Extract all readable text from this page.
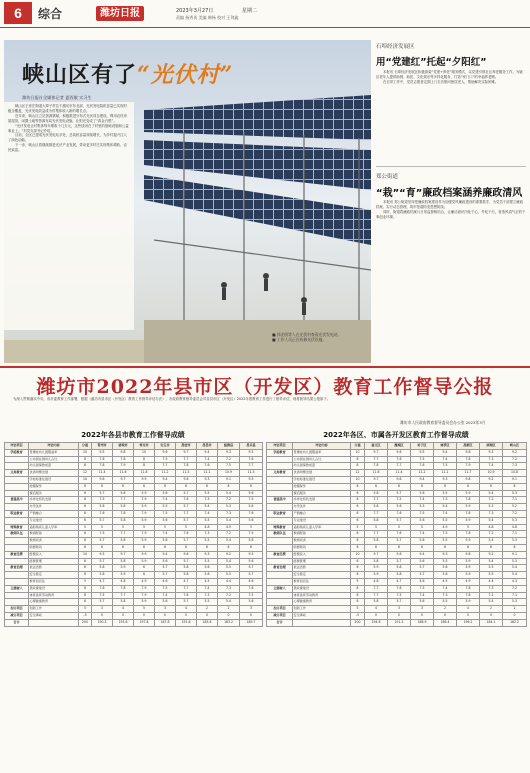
6	综合	潍坊日报	2023年3月27日	星期二
责编 杨秀英 美编 韩杨 校对 王剑鑫
峡山区有了“光伏村”
潍坊日报社全媒体记者 夏西敏 实习生

峡山区王家庄街道大埠子村位于潍坊市东北部，光伏发电装机容量已实现村级全覆盖，光伏发电收益成为村集体收入新的增长点。

近年来，峡山区立足资源禀赋，积极推进分布式光伏项目建设，利用农村房屋屋顶、闲置土地等资源布局光伏发电设施，让阳光变成了“真金白银”。

“光伏发电让村集体每年增收十几万元，这些钱用在了村里的基础设施和公益事业上。”村党支部书记介绍。

目前，全区已建成光伏发电站多处，总装机容量持续增长，为乡村振兴注入了绿色动能。

下一步，峡山区将继续推进光伏产业发展，带动更多村庄实现集体增收、农民致富。

■ 郭光明等人在光伏村查看光伏发电站。
■ 工作人员正在检修光伏设施。
石埠经济发展区
用“党建红”托起“夕阳红”

本报讯 石埠经济发展区积极探索“党建+养老”服务模式，以党建引领社区养老服务工作，为辖区老年人提供助餐、助医、文化娱乐等多样化服务，打造“家门口”的幸福养老圈。

在日常工作中，党员志愿者定期上门走访慰问独居老人，帮助解决实际困难。

郑公街道
“栽”“育”廉政档案涵养廉政清风

本报讯 郑公街道坚持把廉政档案建设作为加强党风廉政建设的重要抓手，为党员干部建立廉政档案，实行动态管理，筑牢拒腐防变思想防线。

同时，街道将廉政档案与日常监督相结合，让廉洁意识内化于心、外化于行，营造风清气正的干事创业环境。

潍坊市2022年县市区（开发区）教育工作督导公报
为深入贯彻落实中央、省市委教育工作部署，根据《潍坊市县市区（开发区）教育工作督导评估办法》，市政府教育督导委员会对各县市区（开发区）2022年度教育工作进行了督导评估，现将督导结果公报如下。
潍坊市人民政府教育督导委员会办公室 2023年3月
2022年各县市教育工作督导成绩	2022年各区、市属各开发区教育工作督导成绩
评估项目	评估内容	分值	青州市	诸城市	寿光市	安丘市	高密市	昌邑市	临朐县	昌乐县
学前教育	普惠性幼儿园覆盖率	10	9.5	9.8	10	9.6	9.7	9.4	9.3	9.5
	公办园在园幼儿占比	8	7.6	7.8	8	7.5	7.7	7.4	7.2	7.6
	幼儿园保教质量	8	7.8	7.9	8	7.7	7.8	7.6	7.5	7.7
义务教育	优质均衡发展	12	11.4	11.6	11.8	11.2	11.5	11.1	10.9	11.3
	学校标准化建设	10	9.6	9.7	9.9	9.4	9.6	9.3	9.1	9.5
	控辍保学	6	6	6	6	6	6	6	6	6
	课后服务	6	5.7	5.8	5.9	5.6	5.7	5.5	5.4	5.6
普通高中	多样化特色发展	8	7.5	7.7	7.9	7.4	7.6	7.3	7.2	7.5
	办学条件	6	5.6	5.8	5.9	5.5	5.7	5.4	5.3	5.6
职业教育	产教融合	8	7.6	7.8	7.9	7.5	7.7	7.4	7.3	7.6
	专业建设	6	5.7	5.8	5.9	5.6	5.7	5.5	5.4	5.6
特殊教育	适龄残疾儿童入学率	5	5	5	5	5	5	4.8	4.9	5
教师队伍	教师配备	8	7.5	7.7	7.9	7.4	7.6	7.3	7.2	7.5
	教师培训	6	5.7	5.8	5.9	5.6	5.7	5.5	5.4	5.6
	师德师风	6	6	6	6	6	6	6	6	6
教育经费	经费投入	10	9.5	9.7	9.9	9.4	9.6	9.3	9.2	9.5
	经费管理	6	5.7	5.8	5.9	5.6	5.7	5.5	5.4	5.6
教育治理	依法治教	6	5.8	5.9	6	5.7	5.8	5.6	5.5	5.7
	安全稳定	6	5.8	5.9	6	5.7	5.8	5.6	5.5	5.7
	教育信息化	5	4.7	4.8	4.9	4.6	4.7	4.5	4.4	4.6
立德树人	思政课建设	8	7.6	7.8	7.9	7.5	7.7	7.4	7.3	7.6
	体育美育劳动教育	8	7.5	7.7	7.9	7.4	7.6	7.3	7.2	7.5
	心理健康教育	6	5.7	5.8	5.9	5.6	5.7	5.5	5.4	5.6
加分项目	创新工作	5	3	4	5	3	4	2	2	3
减分项目	安全事故	-5	0	0	0	0	0	0	0	0
合计		200	190.3	193.6	197.8	187.8	191.6	185.6	183.2	189.7
评估项目	评估内容	分值	奎文区	潍城区	坊子区	寒亭区	高新区	滨海区	峡山区
学前教育	普惠性幼儿园覆盖率	10	9.7	9.6	9.5	9.4	9.8	9.3	9.2
	公办园在园幼儿占比	8	7.7	7.6	7.5	7.4	7.8	7.3	7.2
	幼儿园保教质量	8	7.8	7.7	7.6	7.5	7.9	7.4	7.3
义务教育	优质均衡发展	12	11.6	11.4	11.2	11.1	11.7	10.9	10.8
	学校标准化建设	10	9.7	9.6	9.4	9.3	9.8	9.2	9.1
	控辍保学	6	6	6	6	6	6	6	6
	课后服务	6	5.8	5.7	5.6	5.5	5.9	5.4	5.3
普通高中	多样化特色发展	8	7.7	7.5	7.4	7.3	7.8	7.2	7.1
	办学条件	6	5.8	5.6	5.5	5.4	5.9	5.3	5.2
职业教育	产教融合	8	7.7	7.6	7.5	7.4	7.8	7.3	7.2
	专业建设	6	5.8	5.7	5.6	5.5	5.9	5.4	5.3
特殊教育	适龄残疾儿童入学率	5	5	5	5	4.9	5	4.8	4.8
教师队伍	教师配备	8	7.7	7.6	7.4	7.3	7.8	7.2	7.1
	教师培训	6	5.8	5.7	5.6	5.5	5.9	5.4	5.3
	师德师风	6	6	6	6	6	6	6	6
教育经费	经费投入	10	9.7	9.6	9.4	9.3	9.8	9.2	9.1
	经费管理	6	5.8	5.7	5.6	5.5	5.9	5.4	5.3
教育治理	依法治教	6	5.9	5.8	5.7	5.6	5.9	5.5	5.4
	安全稳定	6	5.9	5.8	5.7	5.6	5.9	5.5	5.4
	教育信息化	5	4.8	4.7	4.6	4.5	4.9	4.4	4.3
立德树人	思政课建设	8	7.7	7.6	7.5	7.4	7.8	7.3	7.2
	体育美育劳动教育	8	7.7	7.5	7.4	7.3	7.8	7.2	7.1
	心理健康教育	6	5.8	5.7	5.6	5.5	5.9	5.4	5.3
加分项目	创新工作	5	4	3	3	2	4	2	2
减分项目	安全事故	-5	0	0	0	0	0	0	0
合计		200	194.6	191.5	188.9	186.4	196.2	184.1	182.2
